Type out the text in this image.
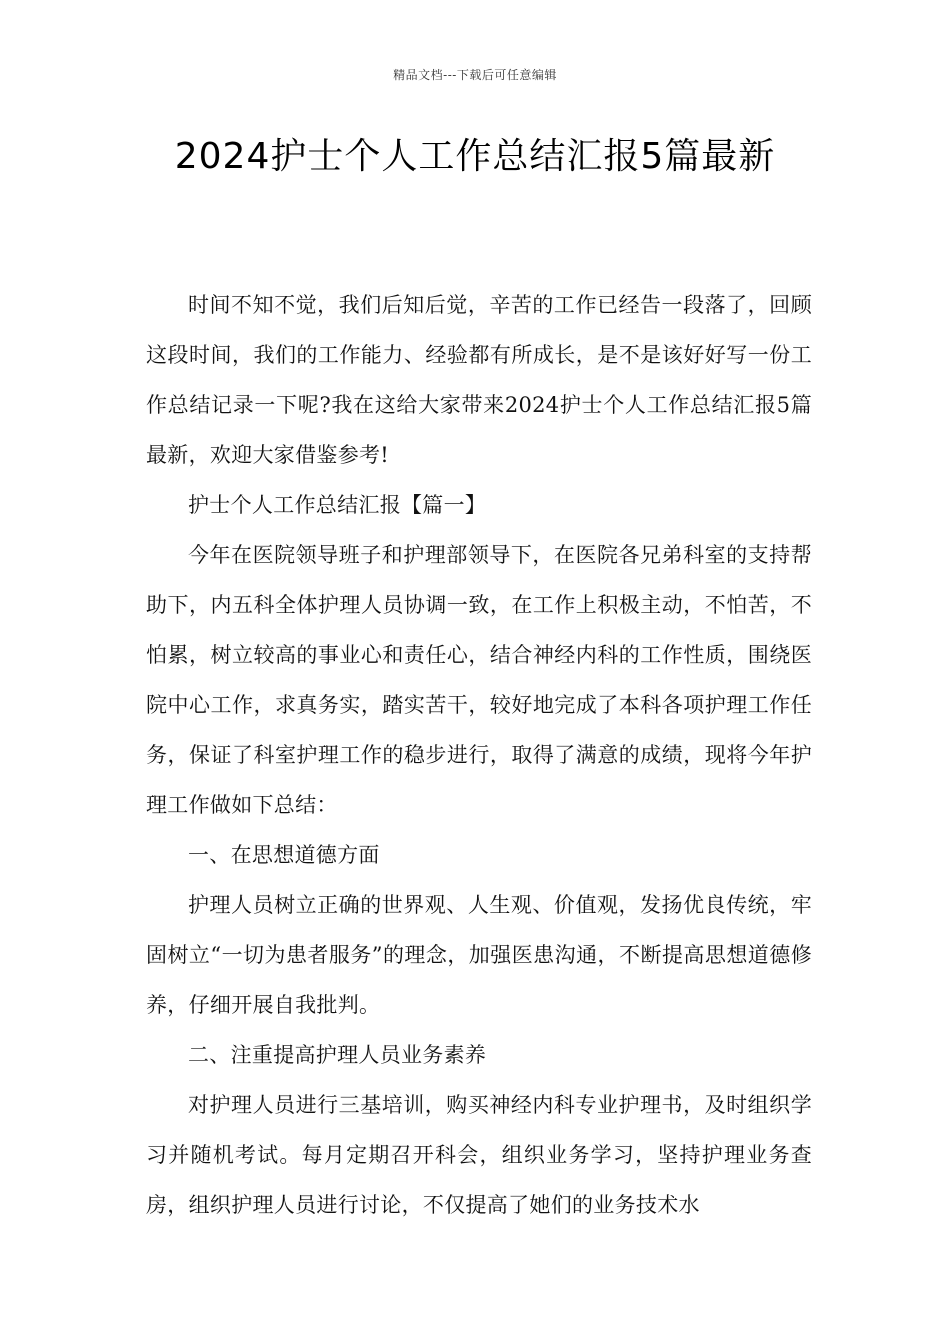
精品文档---下载后可任意编辑
2024护士个人工作总结汇报5篇最新

时间不知不觉，我们后知后觉，辛苦的工作已经告一段落了，回顾这段时间，我们的工作能力、经验都有所成长，是不是该好好写一份工作总结记录一下呢?我在这给大家带来2024护士个人工作总结汇报5篇最新，欢迎大家借鉴参考!

护士个人工作总结汇报【篇一】

今年在医院领导班子和护理部领导下，在医院各兄弟科室的支持帮助下，内五科全体护理人员协调一致，在工作上积极主动，不怕苦，不怕累，树立较高的事业心和责任心，结合神经内科的工作性质，围绕医院中心工作，求真务实，踏实苦干，较好地完成了本科各项护理工作任务，保证了科室护理工作的稳步进行，取得了满意的成绩，现将今年护理工作做如下总结：

一、在思想道德方面

护理人员树立正确的世界观、人生观、价值观，发扬优良传统，牢固树立“一切为患者服务”的理念，加强医患沟通，不断提高思想道德修养，仔细开展自我批判。

二、注重提高护理人员业务素养

对护理人员进行三基培训，购买神经内科专业护理书，及时组织学习并随机考试。每月定期召开科会，组织业务学习，坚持护理业务查房，组织护理人员进行讨论，不仅提高了她们的业务技术水
